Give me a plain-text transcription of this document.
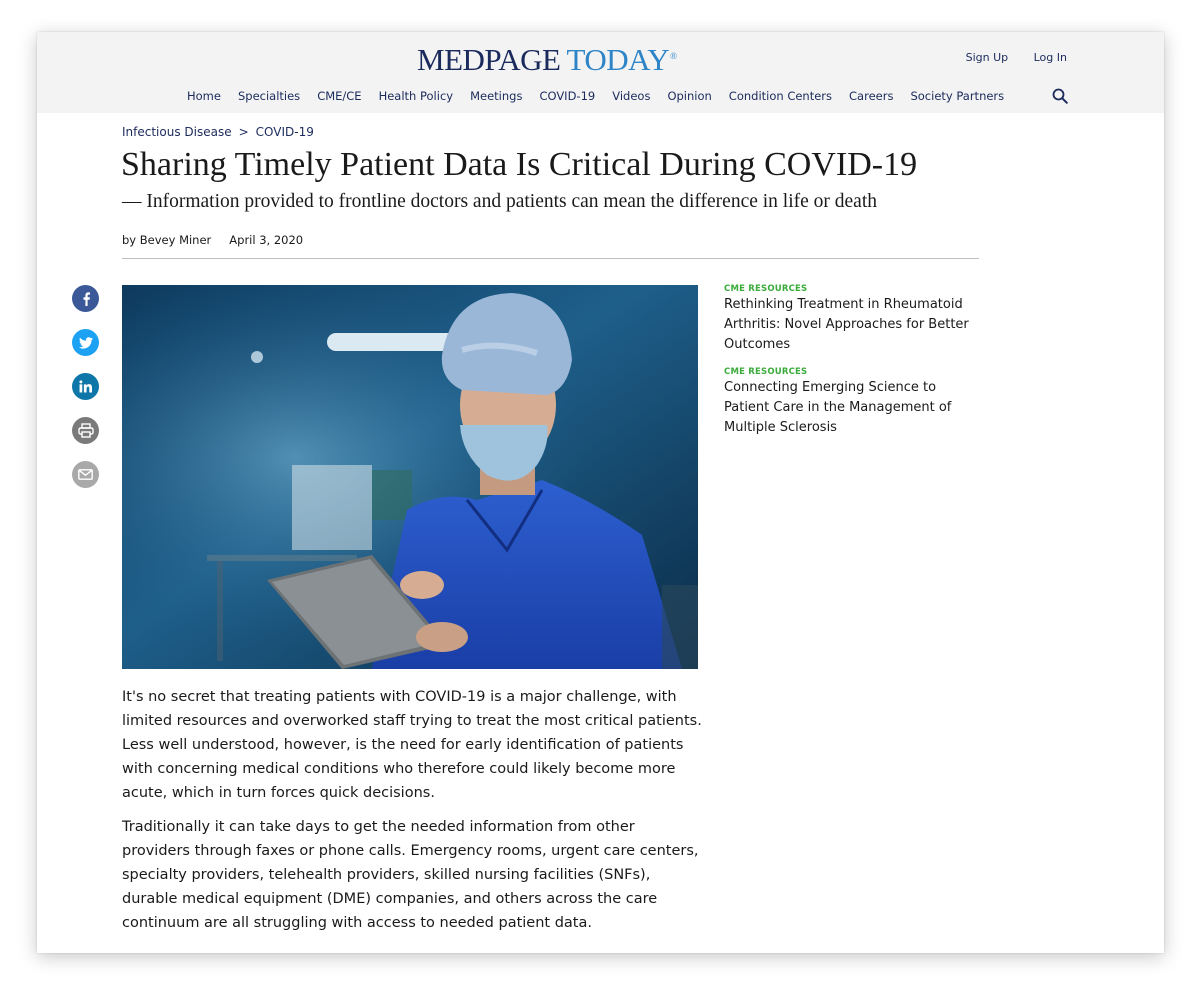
MEDPAGE TODAY®	Sign Up Log In
Home Specialties CME/CE Health Policy Meetings COVID-19 Videos Opinion Condition Centers Careers Society Partners
Infectious Disease > COVID-19
Sharing Timely Patient Data Is Critical During COVID-19
— Information provided to frontline doctors and patients can mean the difference in life or death
by Bevey Miner April 3, 2020

It's no secret that treating patients with COVID-19 is a major challenge, with limited resources and overworked staff trying to treat the most critical patients. Less well understood, however, is the need for early identification of patients with concerning medical conditions who therefore could likely become more acute, which in turn forces quick decisions.

Traditionally it can take days to get the needed information from other providers through faxes or phone calls. Emergency rooms, urgent care centers, specialty providers, telehealth providers, skilled nursing facilities (SNFs), durable medical equipment (DME) companies, and others across the care continuum are all struggling with access to needed patient data.

CME RESOURCES
Rethinking Treatment in Rheumatoid Arthritis: Novel Approaches for Better Outcomes
CME RESOURCES
Connecting Emerging Science to Patient Care in the Management of Multiple Sclerosis
